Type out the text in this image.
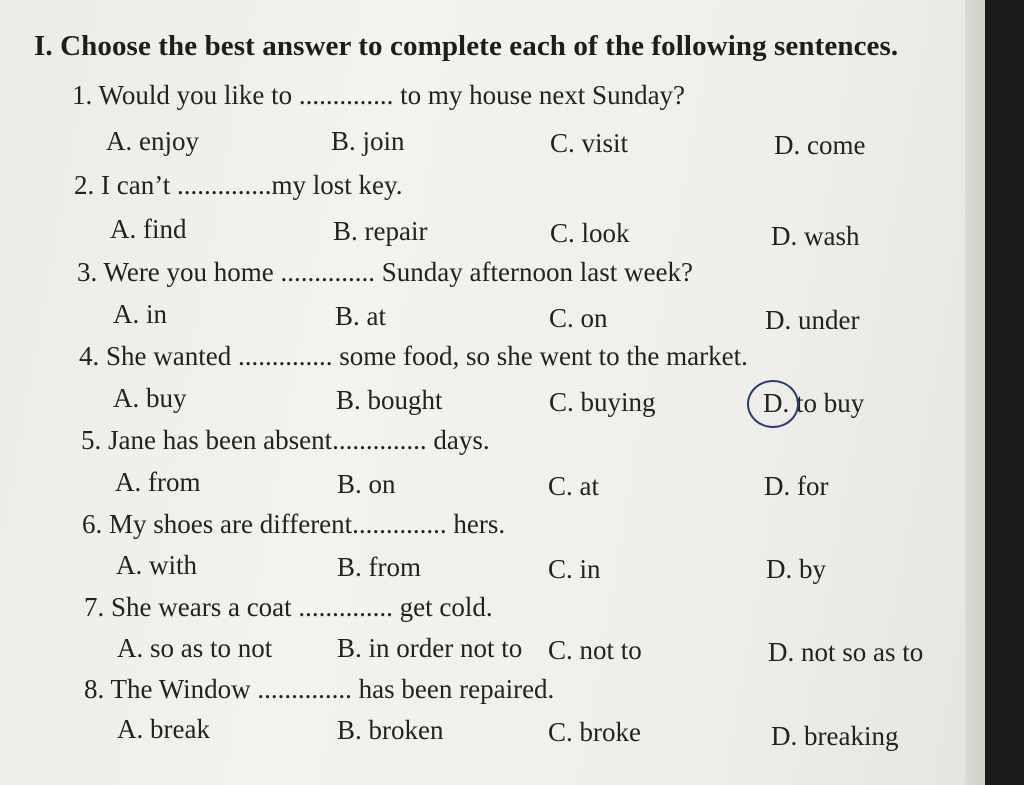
I. Choose the best answer to complete each of the following sentences.
1. Would you like to .............. to my house next Sunday?
A. enjoy	B. join	C. visit	D. come
2. I can’t ..............my lost key.
A. find	B. repair	C. look	D. wash
3. Were you home .............. Sunday afternoon last week?
A. in	B. at	C. on	D. under
4. She wanted .............. some food, so she went to the market.
A. buy	B. bought	C. buying	D. to buy
5. Jane has been absent.............. days.
A. from	B. on	C. at	D. for
6. My shoes are different.............. hers.
A. with	B. from	C. in	D. by
7. She wears a coat .............. get cold.
A. so as to not B. in order not to C. not to	D. not so as to
8. The Window .............. has been repaired.
A. break	B. broken	C. broke	D. breaking
